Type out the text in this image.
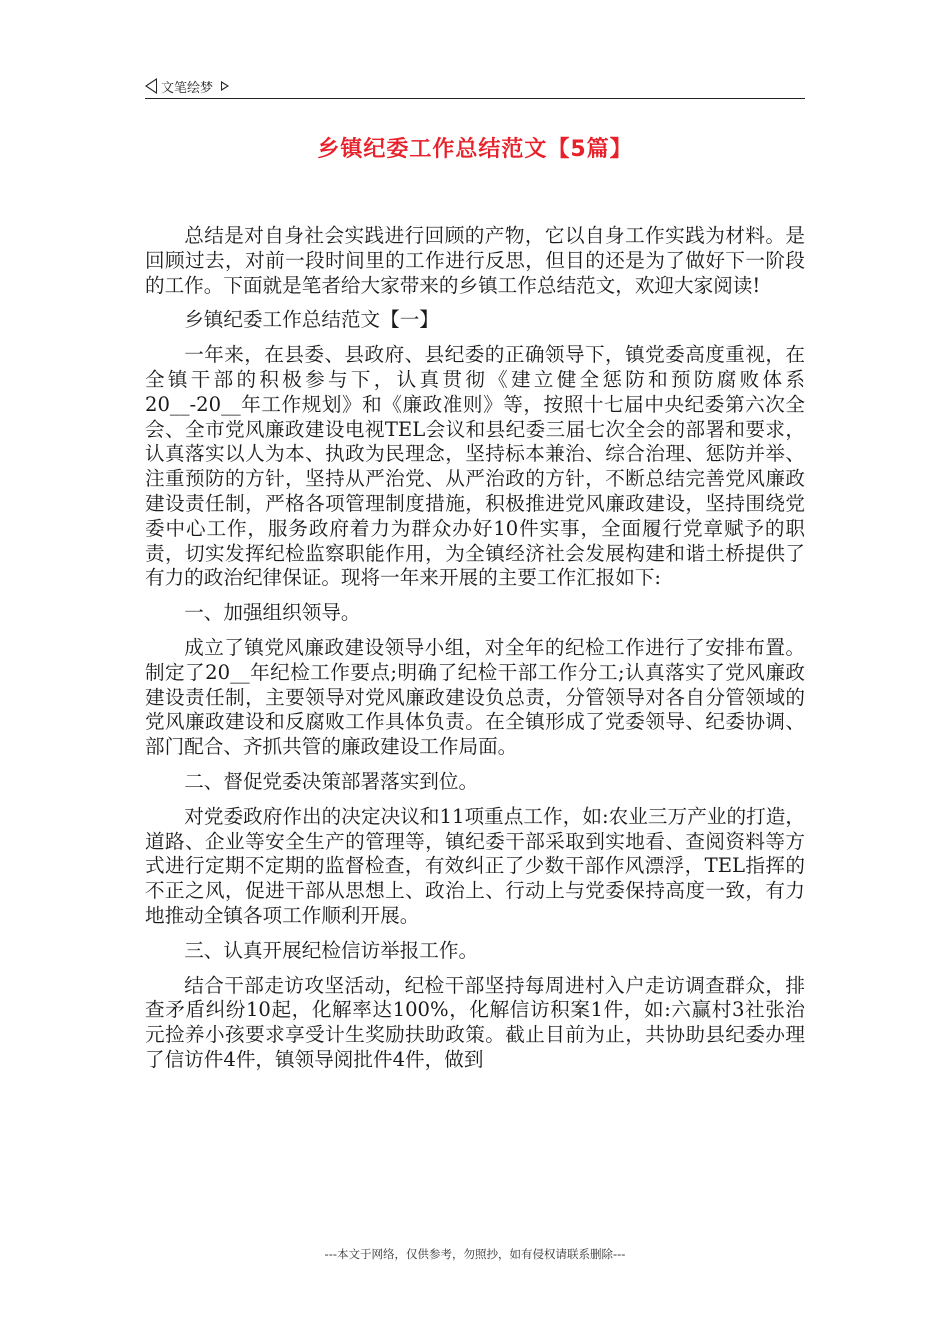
文笔绘梦
乡镇纪委工作总结范文【5篇】

总结是对自身社会实践进行回顾的产物，它以自身工作实践为材料。是回顾过去，对前一段时间里的工作进行反思，但目的还是为了做好下一阶段的工作。下面就是笔者给大家带来的乡镇工作总结范文，欢迎大家阅读!

乡镇纪委工作总结范文【一】

一年来，在县委、县政府、县纪委的正确领导下，镇党委高度重视，在全镇干部的积极参与下，认真贯彻《建立健全惩防和预防腐败体系20__-20__年工作规划》和《廉政准则》等，按照十七届中央纪委第六次全会、全市党风廉政建设电视TEL会议和县纪委三届七次全会的部署和要求，认真落实以人为本、执政为民理念，坚持标本兼治、综合治理、惩防并举、注重预防的方针，坚持从严治党、从严治政的方针，不断总结完善党风廉政建设责任制，严格各项管理制度措施，积极推进党风廉政建设，坚持围绕党委中心工作，服务政府着力为群众办好10件实事，全面履行党章赋予的职责，切实发挥纪检监察职能作用，为全镇经济社会发展构建和谐土桥提供了有力的政治纪律保证。现将一年来开展的主要工作汇报如下:

一、加强组织领导。

成立了镇党风廉政建设领导小组，对全年的纪检工作进行了安排布置。制定了20__年纪检工作要点;明确了纪检干部工作分工;认真落实了党风廉政建设责任制，主要领导对党风廉政建设负总责，分管领导对各自分管领域的党风廉政建设和反腐败工作具体负责。在全镇形成了党委领导、纪委协调、部门配合、齐抓共管的廉政建设工作局面。

二、督促党委决策部署落实到位。

对党委政府作出的决定决议和11项重点工作，如:农业三万产业的打造，道路、企业等安全生产的管理等，镇纪委干部采取到实地看、查阅资料等方式进行定期不定期的监督检查，有效纠正了少数干部作风漂浮，TEL指挥的不正之风，促进干部从思想上、政治上、行动上与党委保持高度一致，有力地推动全镇各项工作顺利开展。

三、认真开展纪检信访举报工作。

结合干部走访攻坚活动，纪检干部坚持每周进村入户走访调查群众，排查矛盾纠纷10起，化解率达100%，化解信访积案1件，如:六赢村3社张治元捡养小孩要求享受计生奖励扶助政策。截止目前为止，共协助县纪委办理了信访件4件，镇领导阅批件4件，做到

---本文于网络，仅供参考，勿照抄，如有侵权请联系删除---
